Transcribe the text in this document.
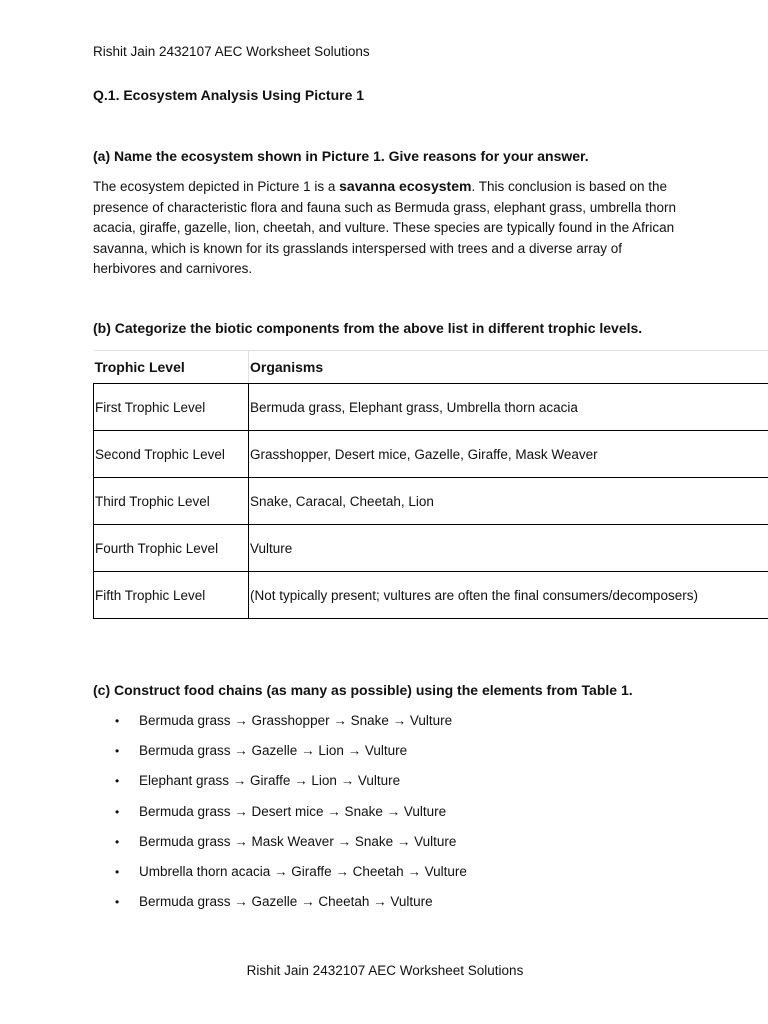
Rishit Jain 2432107 AEC Worksheet Solutions
Q.1. Ecosystem Analysis Using Picture 1
(a) Name the ecosystem shown in Picture 1. Give reasons for your answer.

The ecosystem depicted in Picture 1 is a savanna ecosystem. This conclusion is based on the presence of characteristic flora and fauna such as Bermuda grass, elephant grass, umbrella thorn acacia, giraffe, gazelle, lion, cheetah, and vulture. These species are typically found in the African savanna, which is known for its grasslands interspersed with trees and a diverse array of herbivores and carnivores.

(b) Categorize the biotic components from the above list in different trophic levels.
Trophic Level	Organisms
First Trophic Level	Bermuda grass, Elephant grass, Umbrella thorn acacia
Second Trophic Level	Grasshopper, Desert mice, Gazelle, Giraffe, Mask Weaver
Third Trophic Level	Snake, Caracal, Cheetah, Lion
Fourth Trophic Level	Vulture
Fifth Trophic Level	(Not typically present; vultures are often the final consumers/decomposers)
(c) Construct food chains (as many as possible) using the elements from Table 1.
• Bermuda grass → Grasshopper → Snake → Vulture
• Bermuda grass → Gazelle → Lion → Vulture
• Elephant grass → Giraffe → Lion → Vulture
• Bermuda grass → Desert mice → Snake → Vulture
• Bermuda grass → Mask Weaver → Snake → Vulture
• Umbrella thorn acacia → Giraffe → Cheetah → Vulture
• Bermuda grass → Gazelle → Cheetah → Vulture
Rishit Jain 2432107 AEC Worksheet Solutions
